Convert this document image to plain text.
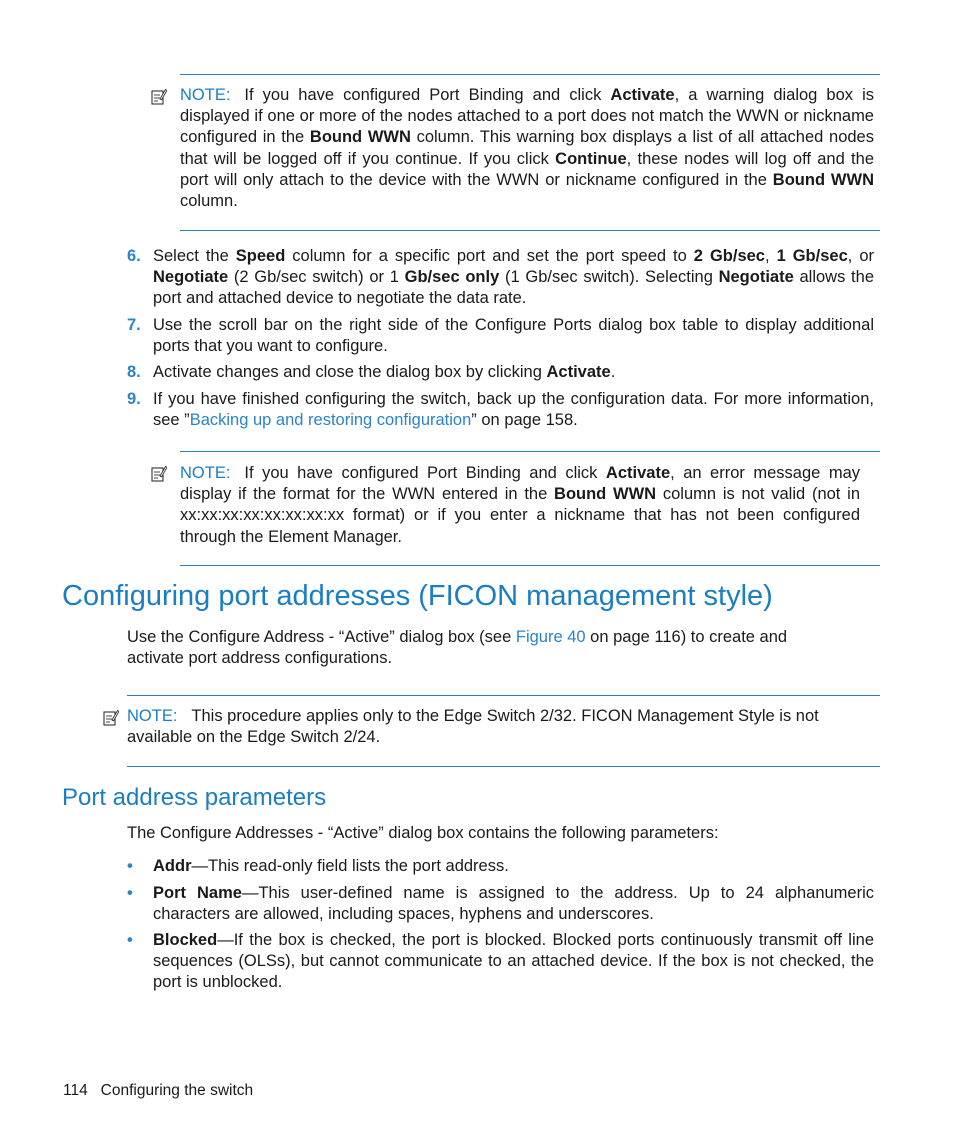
NOTE: If you have configured Port Binding and click Activate, a warning dialog box is displayed if one or more of the nodes attached to a port does not match the WWN or nickname configured in the Bound WWN column. This warning box displays a list of all attached nodes that will be logged off if you continue. If you click Continue, these nodes will log off and the port will only attach to the device with the WWN or nickname configured in the Bound WWN column.
6. Select the Speed column for a specific port and set the port speed to 2 Gb/sec, 1 Gb/sec, or Negotiate (2 Gb/sec switch) or 1 Gb/sec only (1 Gb/sec switch). Selecting Negotiate allows the port and attached device to negotiate the data rate.
7. Use the scroll bar on the right side of the Configure Ports dialog box table to display additional ports that you want to configure.
8. Activate changes and close the dialog box by clicking Activate.
9. If you have finished configuring the switch, back up the configuration data. For more information, see ”Backing up and restoring configuration” on page 158.
NOTE: If you have configured Port Binding and click Activate, an error message may display if the format for the WWN entered in the Bound WWN column is not valid (not in xx:xx:xx:xx:xx:xx:xx:xx format) or if you enter a nickname that has not been configured through the Element Manager.
Configuring port addresses (FICON management style)
Use the Configure Address - “Active” dialog box (see Figure 40 on page 116) to create and activate port address configurations.
NOTE: This procedure applies only to the Edge Switch 2/32. FICON Management Style is not available on the Edge Switch 2/24.
Port address parameters
The Configure Addresses - “Active” dialog box contains the following parameters:
• Addr—This read-only field lists the port address.
• Port Name—This user-defined name is assigned to the address. Up to 24 alphanumeric characters are allowed, including spaces, hyphens and underscores.
• Blocked—If the box is checked, the port is blocked. Blocked ports continuously transmit off line sequences (OLSs), but cannot communicate to an attached device. If the box is not checked, the port is unblocked.
114 Configuring the switch
